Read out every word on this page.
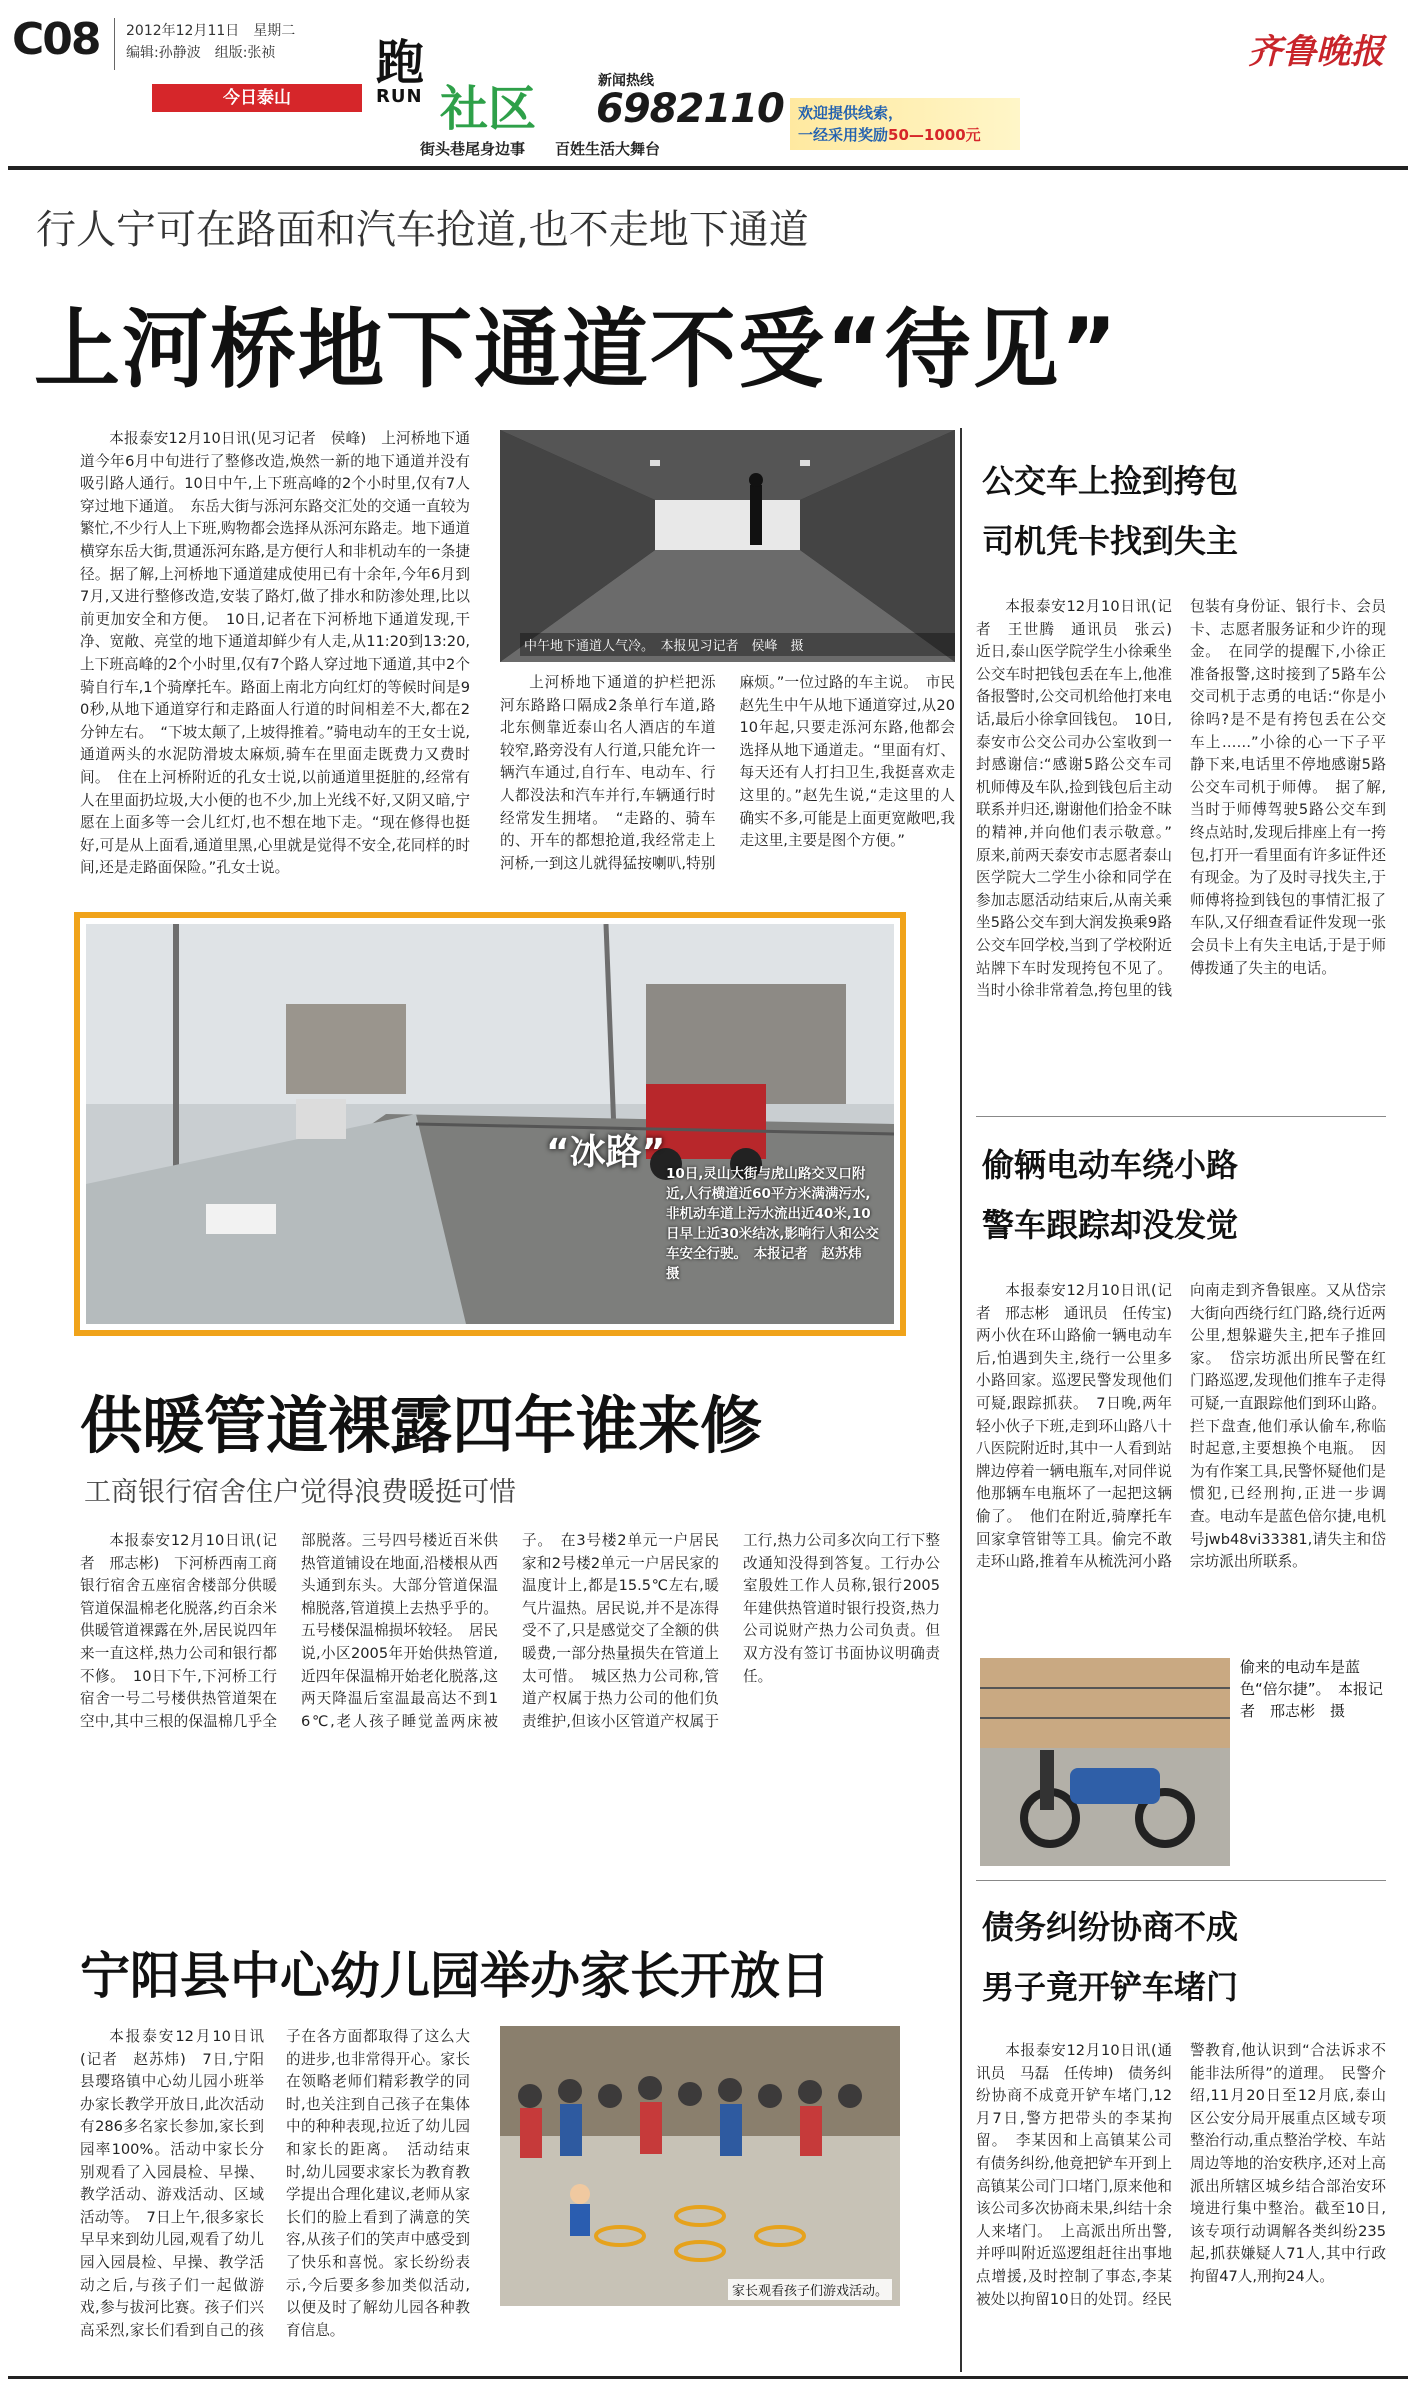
C08 2012年12月11日　 星期二
编辑:孙静波　 组版:张祯
今日泰山
跑
RUN 社区	新闻热线
6982110 欢迎提供线索，
一经采用奖励50—1000元
街头巷尾身边事　　 百姓生活大舞台
齐鲁晚报
行人宁可在路面和汽车抢道,也不走地下通道
上河桥地下通道不受“待见”

本报泰安12月10日讯(见习记者　侯峰)　上河桥地下通道今年6月中旬进行了整修改造,焕然一新的地下通道并没有吸引路人通行。10日中午,上下班高峰的2个小时里,仅有7人穿过地下通道。　东岳大街与泺河东路交汇处的交通一直较为繁忙,不少行人上下班,购物都会选择从泺河东路走。地下通道横穿东岳大街,贯通泺河东路,是方便行人和非机动车的一条捷径。据了解,上河桥地下通道建成使用已有十余年,今年6月到7月,又进行整修改造,安装了路灯,做了排水和防渗处理,比以前更加安全和方便。　10日,记者在下河桥地下通道发现,干净、宽敞、亮堂的地下通道却鲜少有人走,从11:20到13:20,上下班高峰的2个小时里,仅有7个路人穿过地下通道,其中2个骑自行车,1个骑摩托车。路面上南北方向红灯的等候时间是90秒,从地下通道穿行和走路面人行道的时间相差不大,都在2分钟左右。　“下坡太颠了,上坡得推着。”骑电动车的王女士说,通道两头的水泥防滑坡太麻烦,骑车在里面走既费力又费时间。　住在上河桥附近的孔女士说,以前通道里挺脏的,经常有人在里面扔垃圾,大小便的也不少,加上光线不好,又阴又暗,宁愿在上面多等一会儿红灯,也不想在地下走。“现在修得也挺好,可是从上面看,通道里黑,心里就是觉得不安全,花同样的时间,还是走路面保险。”孔女士说。

中午地下通道人气冷。　本报见习记者　侯峰　摄

上河桥地下通道的护栏把泺河东路路口隔成2条单行车道,路北东侧靠近泰山名人酒店的车道较窄,路旁没有人行道,只能允许一辆汽车通过,自行车、电动车、行人都没法和汽车并行,车辆通行时经常发生拥堵。　“走路的、骑车的、开车的都想抢道,我经常走上河桥,一到这儿就得猛按喇叭,特别麻烦。”一位过路的车主说。　市民赵先生中午从地下通道穿过,从2010年起,只要走泺河东路,他都会选择从地下通道走。“里面有灯、每天还有人打扫卫生,我挺喜欢走这里的。”赵先生说,“走这里的人确实不多,可能是上面更宽敞吧,我走这里,主要是图个方便。”

“冰路”
10日,灵山大街与虎山路交叉口附近,人行横道近60平方米满满污水,非机动车道上污水流出近40米,10日早上近30米结冰,影响行人和公交车安全行驶。　本报记者　赵苏炜　摄
供暖管道裸露四年谁来修
工商银行宿舍住户觉得浪费暖挺可惜

本报泰安12月10日讯(记者　邢志彬)　下河桥西南工商银行宿舍五座宿舍楼部分供暖管道保温棉老化脱落,约百余米供暖管道裸露在外,居民说四年来一直这样,热力公司和银行都不修。　10日下午,下河桥工行宿舍一号二号楼供热管道架在空中,其中三根的保温棉几乎全部脱落。三号四号楼近百米供热管道铺设在地面,沿楼根从西头通到东头。大部分管道保温棉脱落,管道摸上去热乎乎的。五号楼保温棉损坏较轻。　居民说,小区2005年开始供热管道,近四年保温棉开始老化脱落,这两天降温后室温最高达不到16℃,老人孩子睡觉盖两床被子。　在3号楼2单元一户居民家和2号楼2单元一户居民家的温度计上,都是15.5℃左右,暖气片温热。居民说,并不是冻得受不了,只是感觉交了全额的供暖费,一部分热量损失在管道上太可惜。　城区热力公司称,管道产权属于热力公司的他们负责维护,但该小区管道产权属于工行,热力公司多次向工行下整改通知没得到答复。工行办公室殷姓工作人员称,银行2005年建供热管道时银行投资,热力公司说财产热力公司负责。但双方没有签订书面协议明确责任。

宁阳县中心幼儿园举办家长开放日

本报泰安12月10日讯(记者　赵苏炜)　7日,宁阳县璎珞镇中心幼儿园小班举办家长教学开放日,此次活动有286多名家长参加,家长到园率100%。活动中家长分别观看了入园晨检、早操、教学活动、游戏活动、区域活动等。　7日上午,很多家长早早来到幼儿园,观看了幼儿园入园晨检、早操、教学活动之后,与孩子们一起做游戏,参与拔河比赛。孩子们兴高采烈,家长们看到自己的孩子在各方面都取得了这么大的进步,也非常得开心。家长在领略老师们精彩教学的同时,也关注到自己孩子在集体中的种种表现,拉近了幼儿园和家长的距离。　活动结束时,幼儿园要求家长为教育教学提出合理化建议,老师从家长们的脸上看到了满意的笑容,从孩子们的笑声中感受到了快乐和喜悦。家长纷纷表示,今后要多参加类似活动,以便及时了解幼儿园各种教育信息。

家长观看孩子们游戏活动。
公交车上捡到挎包
司机凭卡找到失主

本报泰安12月10日讯(记者　王世腾　通讯员　张云)　近日,泰山医学院学生小徐乘坐公交车时把钱包丢在车上,他准备报警时,公交司机给他打来电话,最后小徐拿回钱包。　10日,泰安市公交公司办公室收到一封感谢信:“感谢5路公交车司机师傅及车队,捡到钱包后主动联系并归还,谢谢他们拾金不昧的精神,并向他们表示敬意。”　原来,前两天泰安市志愿者泰山医学院大二学生小徐和同学在参加志愿活动结束后,从南关乘坐5路公交车到大润发换乘9路公交车回学校,当到了学校附近站牌下车时发现挎包不见了。当时小徐非常着急,挎包里的钱包装有身份证、银行卡、会员卡、志愿者服务证和少许的现金。　在同学的提醒下,小徐正准备报警,这时接到了5路车公交司机于志勇的电话:“你是小徐吗?是不是有挎包丢在公交车上……”小徐的心一下子平静下来,电话里不停地感谢5路公交车司机于师傅。　据了解,当时于师傅驾驶5路公交车到终点站时,发现后排座上有一挎包,打开一看里面有许多证件还有现金。为了及时寻找失主,于师傅将捡到钱包的事情汇报了车队,又仔细查看证件发现一张会员卡上有失主电话,于是于师傅拨通了失主的电话。

偷辆电动车绕小路
警车跟踪却没发觉

本报泰安12月10日讯(记者　邢志彬　通讯员　任传宝)　两小伙在环山路偷一辆电动车后,怕遇到失主,绕行一公里多小路回家。巡逻民警发现他们可疑,跟踪抓获。　7日晚,两年轻小伙子下班,走到环山路八十八医院附近时,其中一人看到站牌边停着一辆电瓶车,对同伴说他那辆车电瓶坏了一起把这辆偷了。　他们在附近,骑摩托车回家拿管钳等工具。偷完不敢走环山路,推着车从梳洗河小路向南走到齐鲁银座。又从岱宗大街向西绕行红门路,绕行近两公里,想躲避失主,把车子推回家。　岱宗坊派出所民警在红门路巡逻,发现他们推车子走得可疑,一直跟踪他们到环山路。拦下盘查,他们承认偷车,称临时起意,主要想换个电瓶。　因为有作案工具,民警怀疑他们是惯犯,已经刑拘,正进一步调查。电动车是蓝色倍尔捷,电机号jwb48vi33381,请失主和岱宗坊派出所联系。

偷来的电动车是蓝色“倍尔捷”。　本报记者　邢志彬　摄
债务纠纷协商不成
男子竟开铲车堵门

本报泰安12月10日讯(通讯员　马磊　任传坤)　债务纠纷协商不成竟开铲车堵门,12月7日,警方把带头的李某拘留。　李某因和上高镇某公司有债务纠纷,他竟把铲车开到上高镇某公司门口堵门,原来他和该公司多次协商未果,纠结十余人来堵门。　上高派出所出警,并呼叫附近巡逻组赶往出事地点增援,及时控制了事态,李某被处以拘留10日的处罚。经民警教育,他认识到“合法诉求不能非法所得”的道理。　民警介绍,11月20日至12月底,泰山区公安分局开展重点区域专项整治行动,重点整治学校、车站周边等地的治安秩序,还对上高派出所辖区城乡结合部治安环境进行集中整治。截至10日,该专项行动调解各类纠纷235起,抓获嫌疑人71人,其中行政拘留47人,刑拘24人。
